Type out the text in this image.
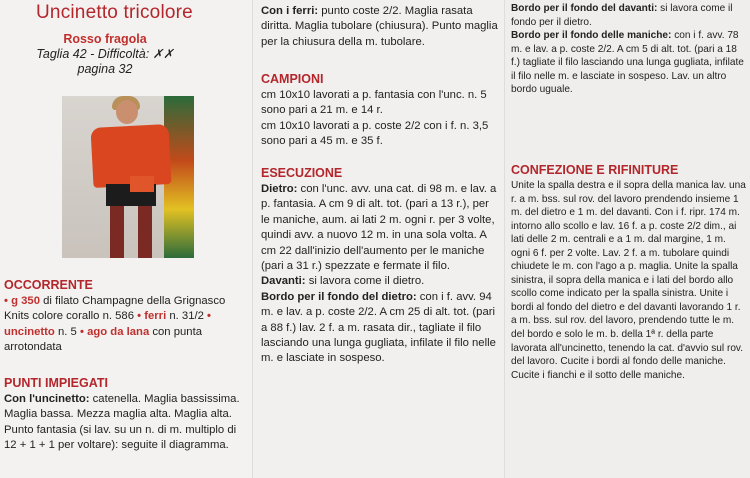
Uncinetto tricolore
Rosso fragola
Taglia 42 - Difficoltà: ✗✗
pagina 32
OCCORRENTE
• g 350 di filato Champagne della Grignasco Knits colore corallo n. 586 • ferri n. 31/2 • uncinetto n. 5 • ago da lana con punta arrotondata
PUNTI IMPIEGATI
Con l'uncinetto: catenella. Maglia bassissima. Maglia bassa. Mezza maglia alta. Maglia alta. Punto fantasia (si lav. su un n. di m. multiplo di 12 + 1 + 1 per voltare): seguite il diagramma.
Con i ferri: punto coste 2/2. Maglia rasata diritta. Maglia tubolare (chiusura). Punto maglia per la chiusura della m. tubolare.
CAMPIONI
cm 10x10 lavorati a p. fantasia con l'unc. n. 5 sono pari a 21 m. e 14 r.
cm 10x10 lavorati a p. coste 2/2 con i f. n. 3,5 sono pari a 45 m. e 35 f.
ESECUZIONE
Dietro: con l'unc. avv. una cat. di 98 m. e lav. a p. fantasia. A cm 9 di alt. tot. (pari a 13 r.), per le maniche, aum. ai lati 2 m. ogni r. per 3 volte, quindi avv. a nuovo 12 m. in una sola volta. A cm 22 dall'inizio dell'aumento per le maniche (pari a 31 r.) spezzate e fermate il filo.
Davanti: si lavora come il dietro.
Bordo per il fondo del dietro: con i f. avv. 94 m. e lav. a p. coste 2/2. A cm 25 di alt. tot. (pari a 88 f.) lav. 2 f. a m. rasata dir., tagliate il filo lasciando una lunga gugliata, infilate il filo nelle m. e lasciate in sospeso.
Bordo per il fondo del davanti: si lavora come il fondo per il dietro.
Bordo per il fondo delle maniche: con i f. avv. 78 m. e lav. a p. coste 2/2. A cm 5 di alt. tot. (pari a 18 f.) tagliate il filo lasciando una lunga gugliata, infilate il filo nelle m. e lasciate in sospeso. Lav. un altro bordo uguale.
CONFEZIONE E RIFINITURE
Unite la spalla destra e il sopra della manica lav. una r. a m. bss. sul rov. del lavoro prendendo insieme 1 m. del dietro e 1 m. del davanti. Con i f. ripr. 174 m. intorno allo scollo e lav. 16 f. a p. coste 2/2 dim., ai lati delle 2 m. centrali e a 1 m. dal margine, 1 m. ogni 6 f. per 2 volte. Lav. 2 f. a m. tubolare quindi chiudete le m. con l'ago a p. maglia. Unite la spalla sinistra, il sopra della manica e i lati del bordo allo scollo come indicato per la spalla sinistra. Unite i bordi al fondo del dietro e del davanti lavorando 1 r. a m. bss. sul rov. del lavoro, prendendo tutte le m. del bordo e solo le m. b. della 1ª r. della parte lavorata all'uncinetto, tenendo la cat. d'avvio sul rov. del lavoro. Cucite i bordi al fondo delle maniche. Cucite i fianchi e il sotto delle maniche.
